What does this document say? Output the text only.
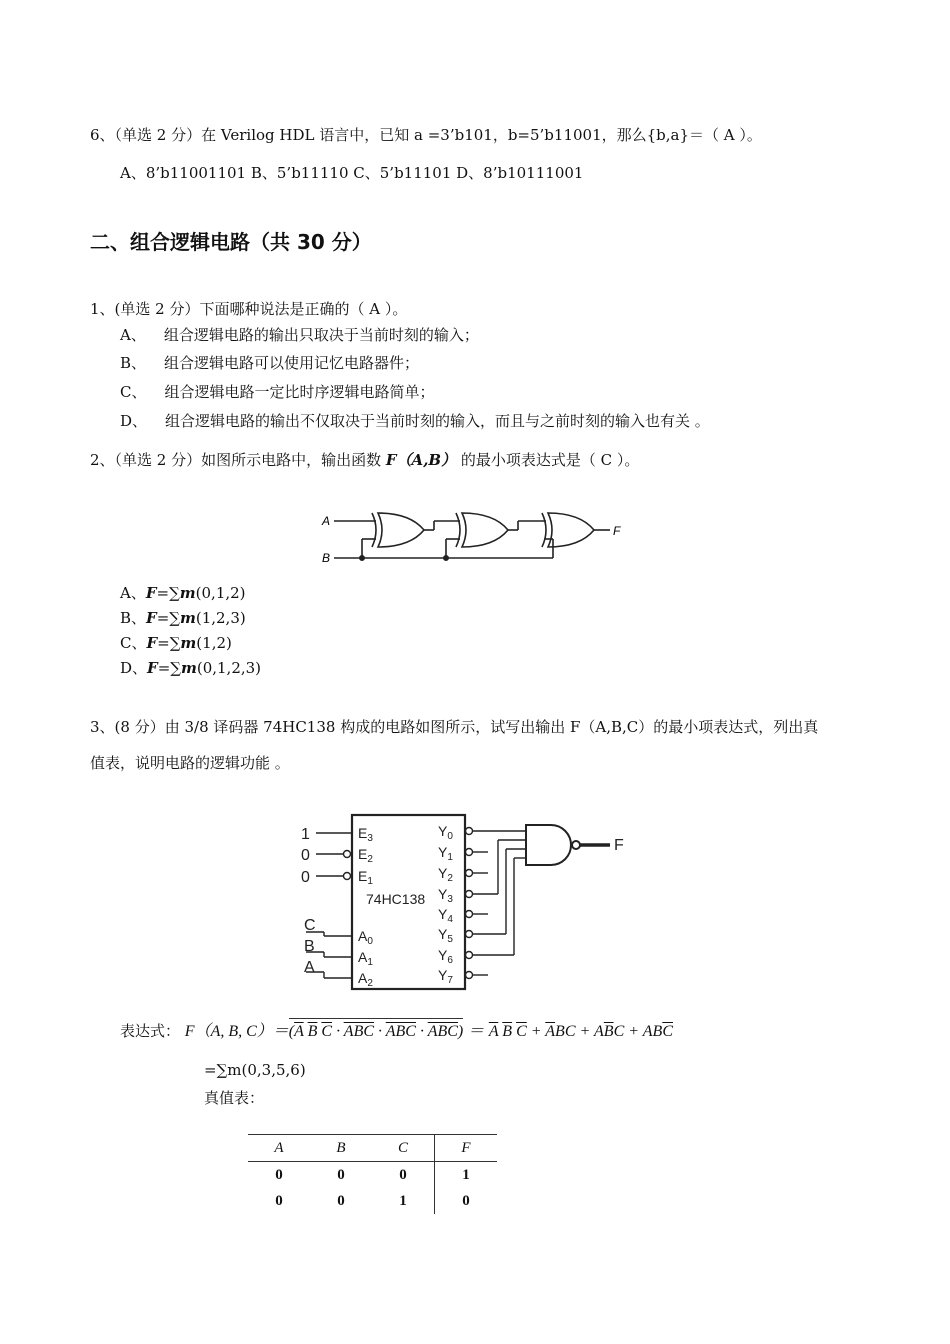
6、（单选 2 分）在 Verilog HDL 语言中，已知 a =3’b101，b=5’b11001，那么{b,a}＝（ A ）。
A、8’b11001101 B、5’b11110 C、5’b11101 D、8’b10111001
二、组合逻辑电路（共 30 分）
1、(单选 2 分）下面哪种说法是正确的（ A ）。
A、 组合逻辑电路的输出只取决于当前时刻的输入；
B、 组合逻辑电路可以使用记忆电路器件；
C、 组合逻辑电路一定比时序逻辑电路简单；
D、 组合逻辑电路的输出不仅取决于当前时刻的输入，而且与之前时刻的输入也有关 。
2、（单选 2 分）如图所示电路中，输出函数 F（A,B） 的最小项表达式是（ C ）。
A
B
F
A、F=∑m(0,1,2)
B、F=∑m(1,2,3)
C、F=∑m(1,2)
D、F=∑m(0,1,2,3)
3、(8 分）由 3/8 译码器 74HC138 构成的电路如图所示，试写出输出 F（A,B,C）的最小项表达式，列出真
值表，说明电路的逻辑功能 。
1
0
0
C
B
A
F
$E_3$
$E_2$
$E_1$
74HC138
$A_0$
$A_1$
$A_2$
$Y_0$
$Y_1$
$Y_2$
$Y_3$
$Y_4$
$Y_5$
$Y_6$
$Y_7$
表达式： F（A, B, $C)=(\overline{A}$ $\overline{B}$ $\overline{C}$ · ABC · ABC · $ABC) = \overline{A}$ $\overline{B}$ $\overline{C} + \overline{A}BC + A\overline{B}C + AB\overline{C}$
=∑m(0,3,5,6)
真值表：
A	B	C	F
0	0	0	1
0	0	1	0
